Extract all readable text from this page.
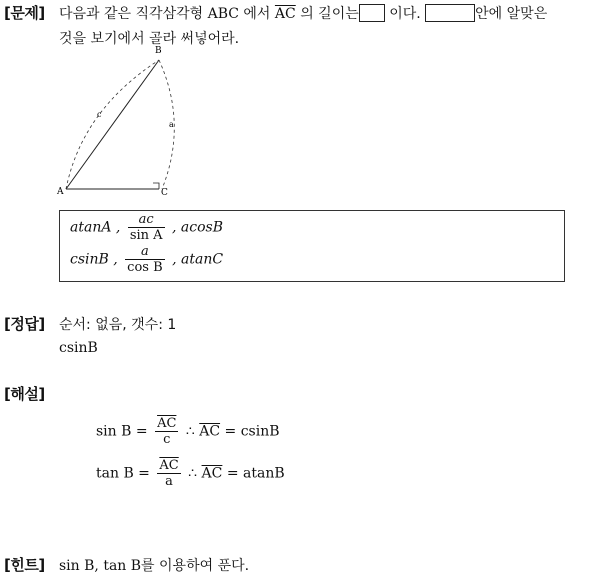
[문제] 다음과 같은 직각삼각형 ABC 에서 $\overline{AC}$ 의 길이는 이다.	안에 알맞은
것을 보기에서 골라 써넣어라.
A
B
C
c
a
atanA , $\frac{ac}{\text{sin A}}$ , acosB
csinB , $\frac{a}{\text{cos B}}$ , atanC
[정답] 순서: 없음, 갯수: 1
csinB
[해설]
$\sin B = \frac{\overline{AC}}{c}$ ∴ $\overline{AC} = csinB$
$\tan B = \frac{\overline{AC}}{a}$ ∴ $\overline{AC} = atanB$
[힌트] sin B, tan B를 이용하여 푼다.
